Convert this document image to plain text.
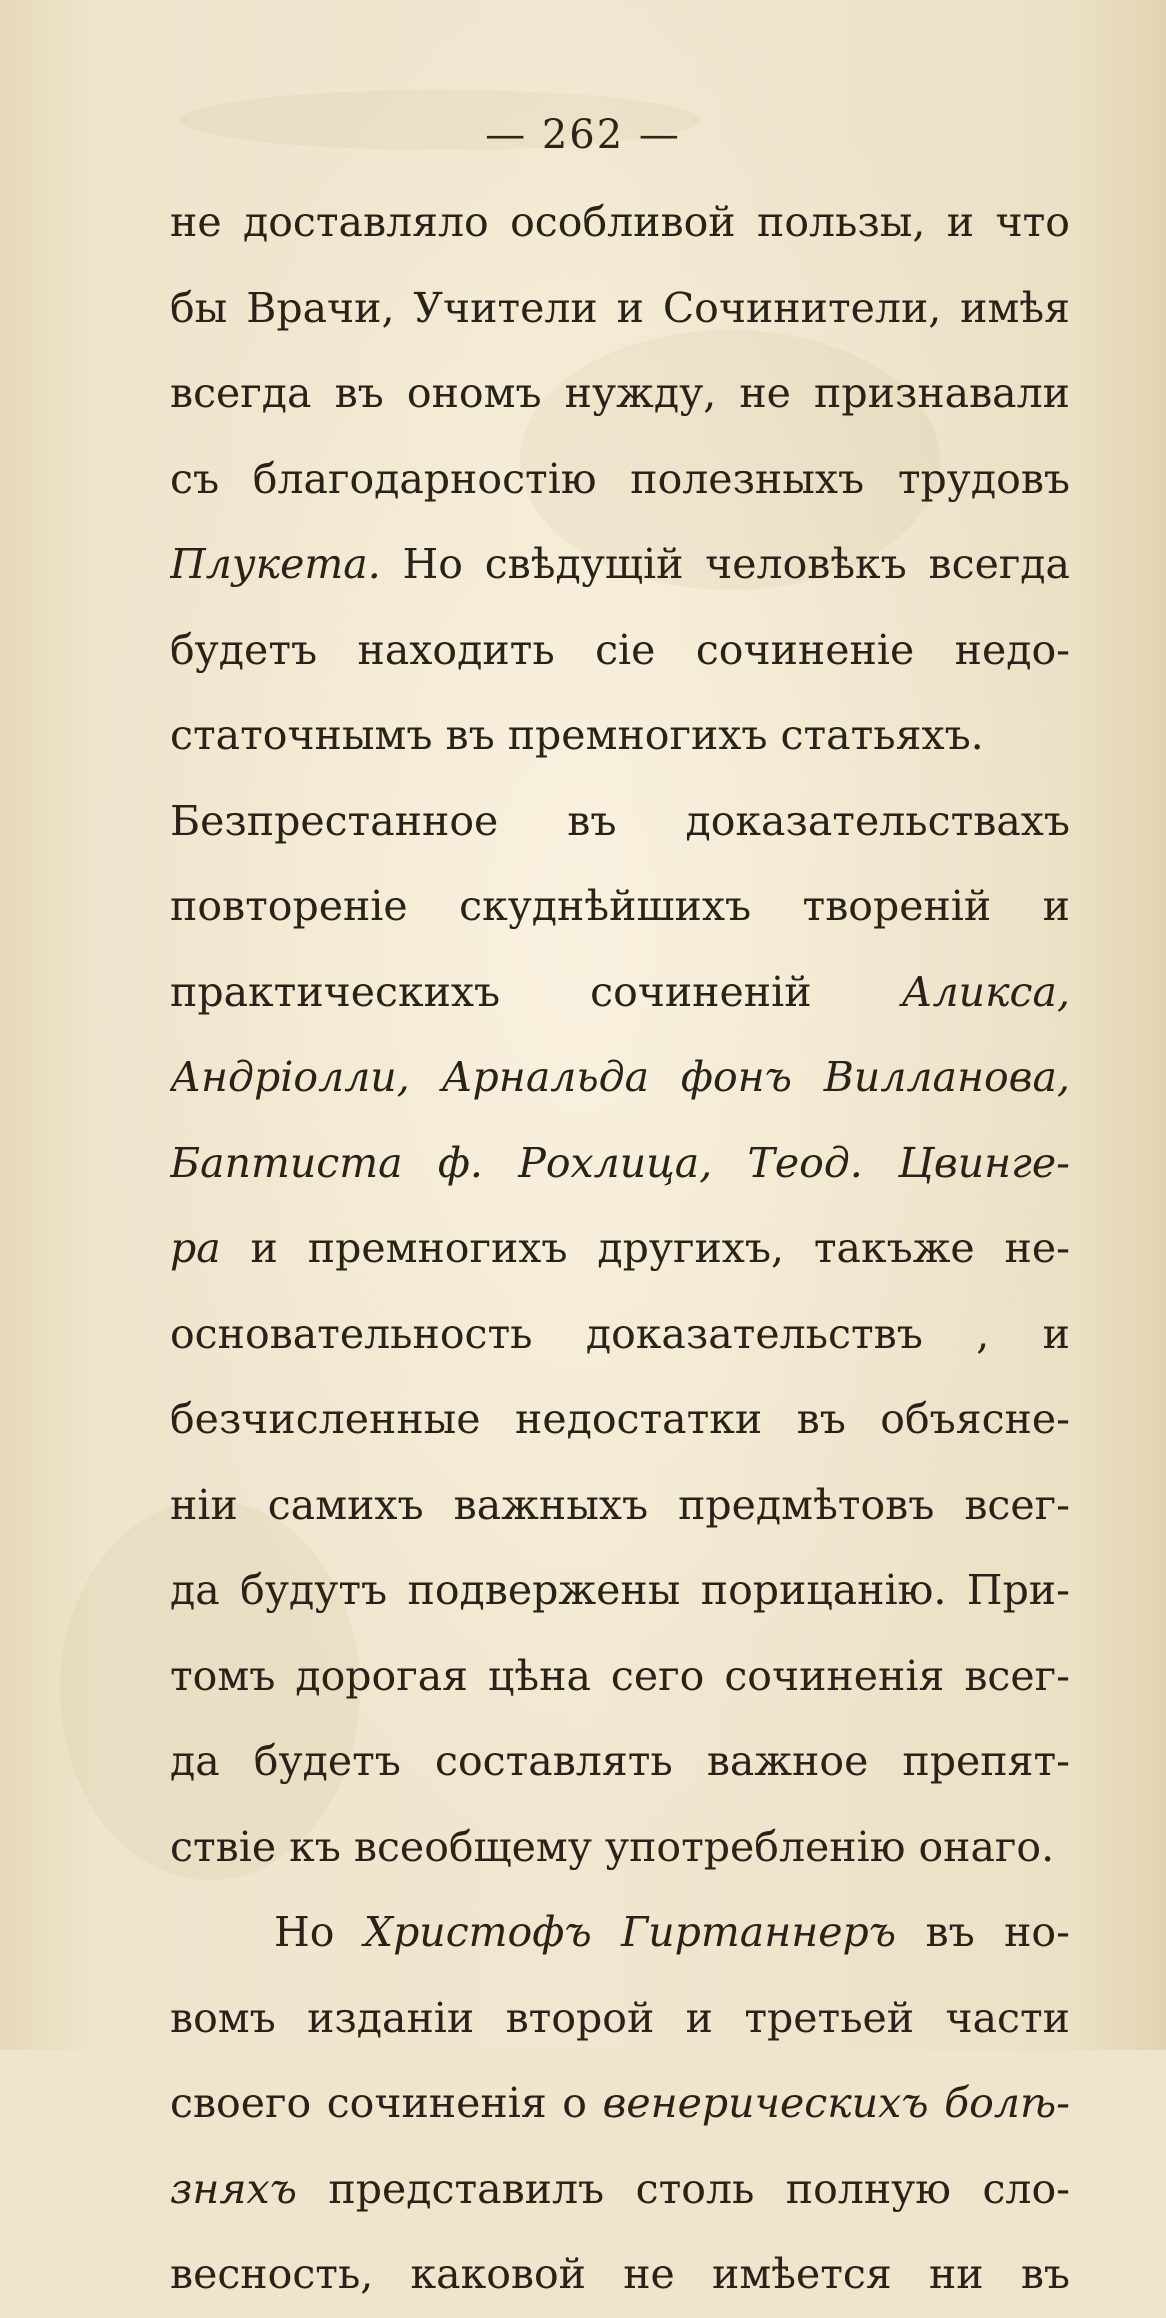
— 262 —
не доставляло особливой пользы, и что
бы Врачи, Учители и Сочинители, имѣя
всегда въ ономъ нужду, не признавали
съ благодарностію полезныхъ трудовъ
Плукета. Но свѣдущій человѣкъ всегда
будетъ находить сіе сочиненіе недо-
статочнымъ въ премногихъ статьяхъ.
Безпрестанное въ доказательствахъ
повтореніе скуднѣйшихъ твореній и
практическихъ сочиненій Аликса,
Андріолли, Арнальда фонъ Вилланова,
Баптиста ф. Рохлица, Теод. Цвинге-
ра и премногихъ другихъ, такъже не-
основательность доказательствъ , и
безчисленные недостатки въ объясне-
ніи самихъ важныхъ предмѣтовъ всег-
да будутъ подвержены порицанію. При-
томъ дорогая цѣна сего сочиненія всег-
да будетъ составлять важное препят-
ствіе къ всеобщему употребленію онаго.
Но Христофъ Гиртаннеръ въ но-
вомъ изданіи второй и третьей части
своего сочиненія о венерическихъ болѣ-
зняхъ представилъ столь полную сло-
весность, каковой не имѣется ни въ
